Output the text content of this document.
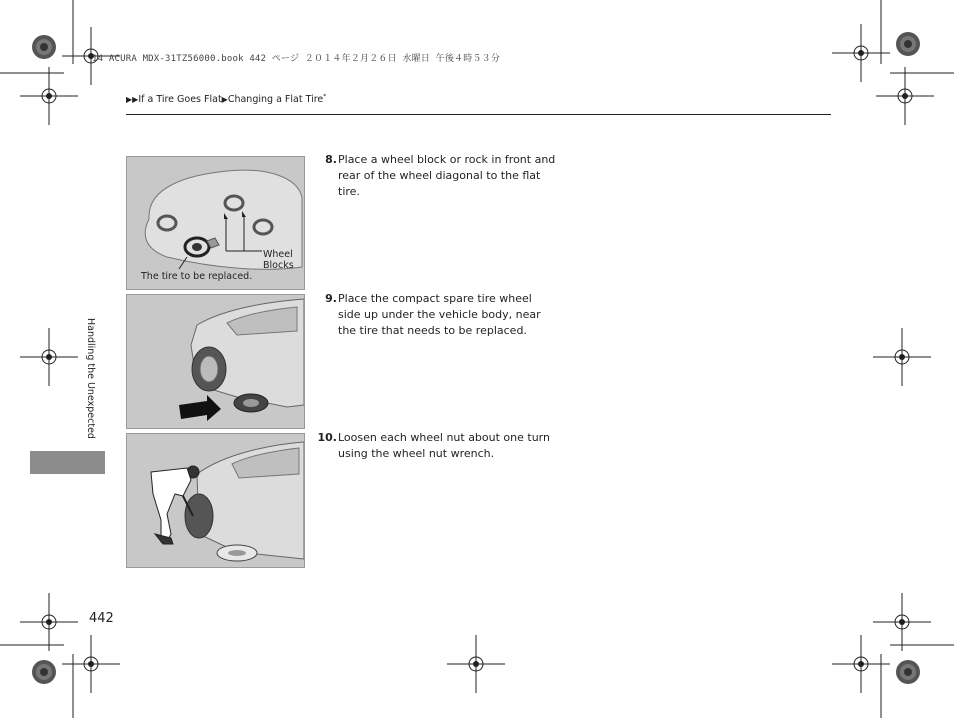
14 ACURA MDX-31TZ56000.book 442 ページ ２０１４年２月２６日 水曜日 午後４時５３分
▶▶If a Tire Goes Flat▶Changing a Flat Tire*
Handling the Unexpected
Wheel
Blocks
The tire to be replaced.
8. Place a wheel block or rock in front and rear of the wheel diagonal to the flat tire.
9. Place the compact spare tire wheel side up under the vehicle body, near the tire that needs to be replaced.
10. Loosen each wheel nut about one turn using the wheel nut wrench.
442
